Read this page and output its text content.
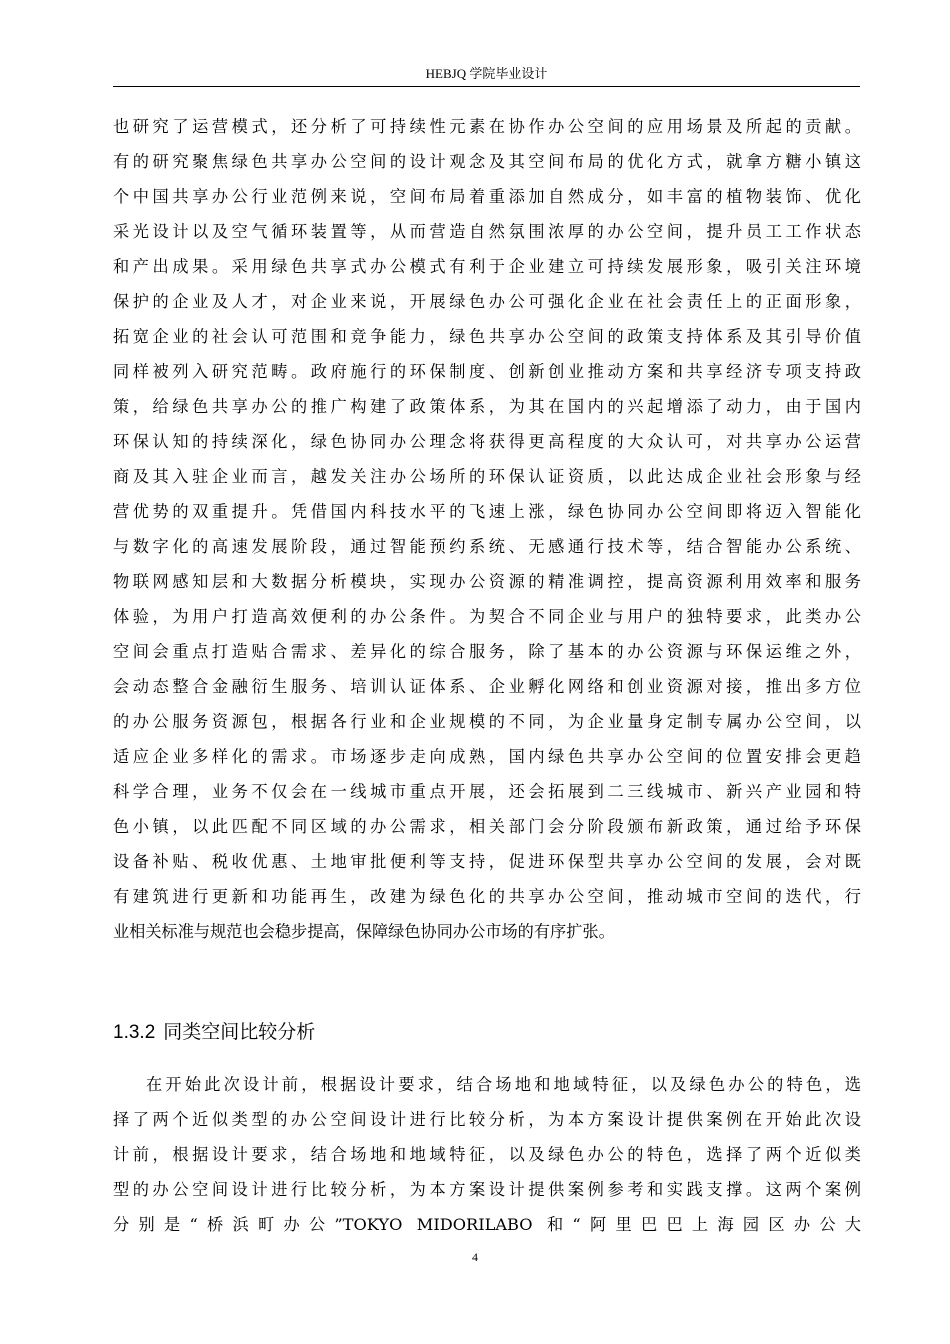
HEBJQ 学院毕业设计
也研究了运营模式，还分析了可持续性元素在协作办公空间的应用场景及所起的贡献。
有的研究聚焦绿色共享办公空间的设计观念及其空间布局的优化方式，就拿方糖小镇这
个中国共享办公行业范例来说，空间布局着重添加自然成分，如丰富的植物装饰、优化
采光设计以及空气循环装置等，从而营造自然氛围浓厚的办公空间，提升员工工作状态
和产出成果。采用绿色共享式办公模式有利于企业建立可持续发展形象，吸引关注环境
保护的企业及人才，对企业来说，开展绿色办公可强化企业在社会责任上的正面形象，
拓宽企业的社会认可范围和竞争能力，绿色共享办公空间的政策支持体系及其引导价值
同样被列入研究范畴。政府施行的环保制度、创新创业推动方案和共享经济专项支持政
策，给绿色共享办公的推广构建了政策体系，为其在国内的兴起增添了动力，由于国内
环保认知的持续深化，绿色协同办公理念将获得更高程度的大众认可，对共享办公运营
商及其入驻企业而言，越发关注办公场所的环保认证资质，以此达成企业社会形象与经
营优势的双重提升。凭借国内科技水平的飞速上涨，绿色协同办公空间即将迈入智能化
与数字化的高速发展阶段，通过智能预约系统、无感通行技术等，结合智能办公系统、
物联网感知层和大数据分析模块，实现办公资源的精准调控，提高资源利用效率和服务
体验，为用户打造高效便利的办公条件。为契合不同企业与用户的独特要求，此类办公
空间会重点打造贴合需求、差异化的综合服务，除了基本的办公资源与环保运维之外，
会动态整合金融衍生服务、培训认证体系、企业孵化网络和创业资源对接，推出多方位
的办公服务资源包，根据各行业和企业规模的不同，为企业量身定制专属办公空间，以
适应企业多样化的需求。市场逐步走向成熟，国内绿色共享办公空间的位置安排会更趋
科学合理，业务不仅会在一线城市重点开展，还会拓展到二三线城市、新兴产业园和特
色小镇，以此匹配不同区域的办公需求，相关部门会分阶段颁布新政策，通过给予环保
设备补贴、税收优惠、土地审批便利等支持，促进环保型共享办公空间的发展，会对既
有建筑进行更新和功能再生，改建为绿色化的共享办公空间，推动城市空间的迭代，行
业相关标准与规范也会稳步提高，保障绿色协同办公市场的有序扩张。
1.3.2 同类空间比较分析
在开始此次设计前，根据设计要求，结合场地和地域特征，以及绿色办公的特色，选
择了两个近似类型的办公空间设计进行比较分析，为本方案设计提供案例在开始此次设
计前，根据设计要求，结合场地和地域特征，以及绿色办公的特色，选择了两个近似类
型的办公空间设计进行比较分析，为本方案设计提供案例参考和实践支撑。这两个案例
分别是“桥浜町办公”TOKYO MIDORILABO 和“阿里巴巴上海园区办公大
4
